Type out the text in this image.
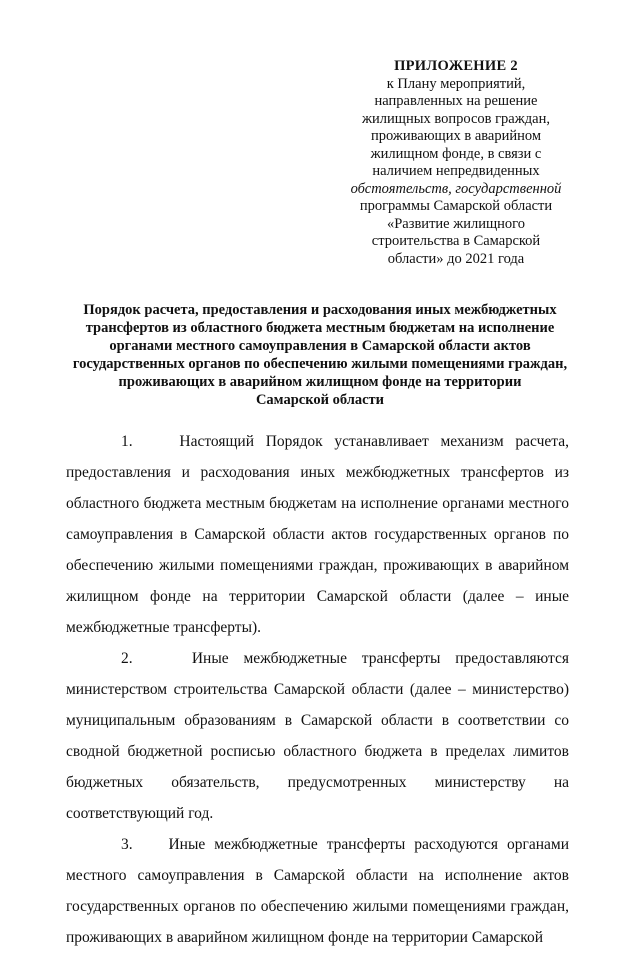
ПРИЛОЖЕНИЕ 2
к Плану мероприятий,
направленных на решение
жилищных вопросов граждан,
проживающих в аварийном
жилищном фонде, в связи с
наличием непредвиденных
обстоятельств, государственной
программы Самарской области
«Развитие жилищного
строительства в Самарской
области» до 2021 года
Порядок расчета, предоставления и расходования иных межбюджетных
трансфертов из областного бюджета местным бюджетам на исполнение
органами местного самоуправления в Самарской области актов
государственных органов по обеспечению жилыми помещениями граждан,
проживающих в аварийном жилищном фонде на территории
Самарской области

1.    Настоящий Порядок устанавливает механизм расчета, предоставления и расходования иных межбюджетных трансфертов из областного бюджета местным бюджетам на исполнение органами местного самоуправления в Самарской области актов государственных органов по обеспечению жилыми помещениями граждан, проживающих в аварийном жилищном фонде на территории Самарской области (далее – иные межбюджетные трансферты).

2.    Иные межбюджетные трансферты предоставляются министерством строительства Самарской области (далее – министерство) муниципальным образованиям в Самарской области в соответствии со сводной бюджетной росписью областного бюджета в пределах лимитов бюджетных обязательств, предусмотренных министерству на соответствующий год.

3.    Иные межбюджетные трансферты расходуются органами местного самоуправления в Самарской области на исполнение актов государственных органов по обеспечению жилыми помещениями граждан, проживающих в аварийном жилищном фонде на территории Самарской
